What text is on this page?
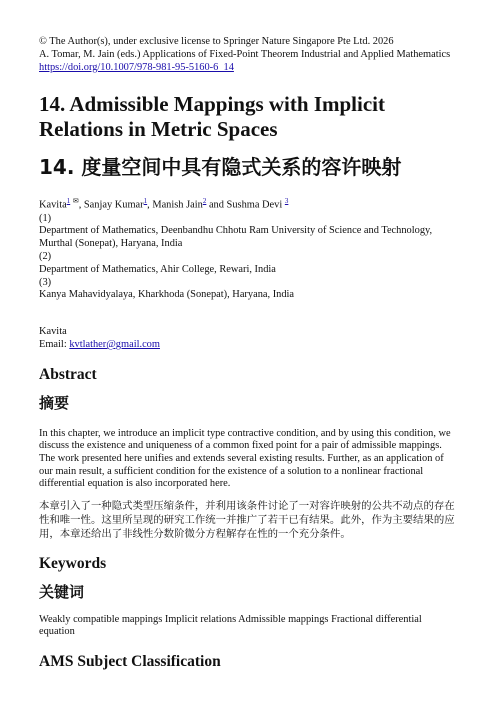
© The Author(s), under exclusive license to Springer Nature Singapore Pte Ltd. 2026
A. Tomar, M. Jain (eds.) Applications of Fixed-Point Theorem Industrial and Applied Mathematics https://doi.org/10.1007/978-981-95-5160-6_14
14. Admissible Mappings with Implicit Relations in Metric Spaces
14. 度量空间中具有隐式关系的容许映射
Kavita$^1$ ✉, Sanjay Kumar$^1$, Manish Jain$^2$ and Sushma Devi $^3$
(1)
Department of Mathematics, Deenbandhu Chhotu Ram University of Science and Technology, Murthal (Sonepat), Haryana, India
(2)
Department of Mathematics, Ahir College, Rewari, India
(3)
Kanya Mahavidyalaya, Kharkhoda (Sonepat), Haryana, India
Kavita
Email: kvtlather@gmail.com
Abstract
摘要

In this chapter, we introduce an implicit type contractive condition, and by using this condition, we discuss the existence and uniqueness of a common fixed point for a pair of admissible mappings. The work presented here unifies and extends several existing results. Further, as an application of our main result, a sufficient condition for the existence of a solution to a nonlinear fractional differential equation is also incorporated here.

本章引入了一种隐式类型压缩条件，并利用该条件讨论了一对容许映射的公共不动点的存在性和唯一性。这里所呈现的研究工作统一并推广了若干已有结果。此外，作为主要结果的应用，本章还给出了非线性分数阶微分方程解存在性的一个充分条件。

Keywords
关键词
Weakly compatible mappings Implicit relations Admissible mappings Fractional differential equation
AMS Subject Classification
